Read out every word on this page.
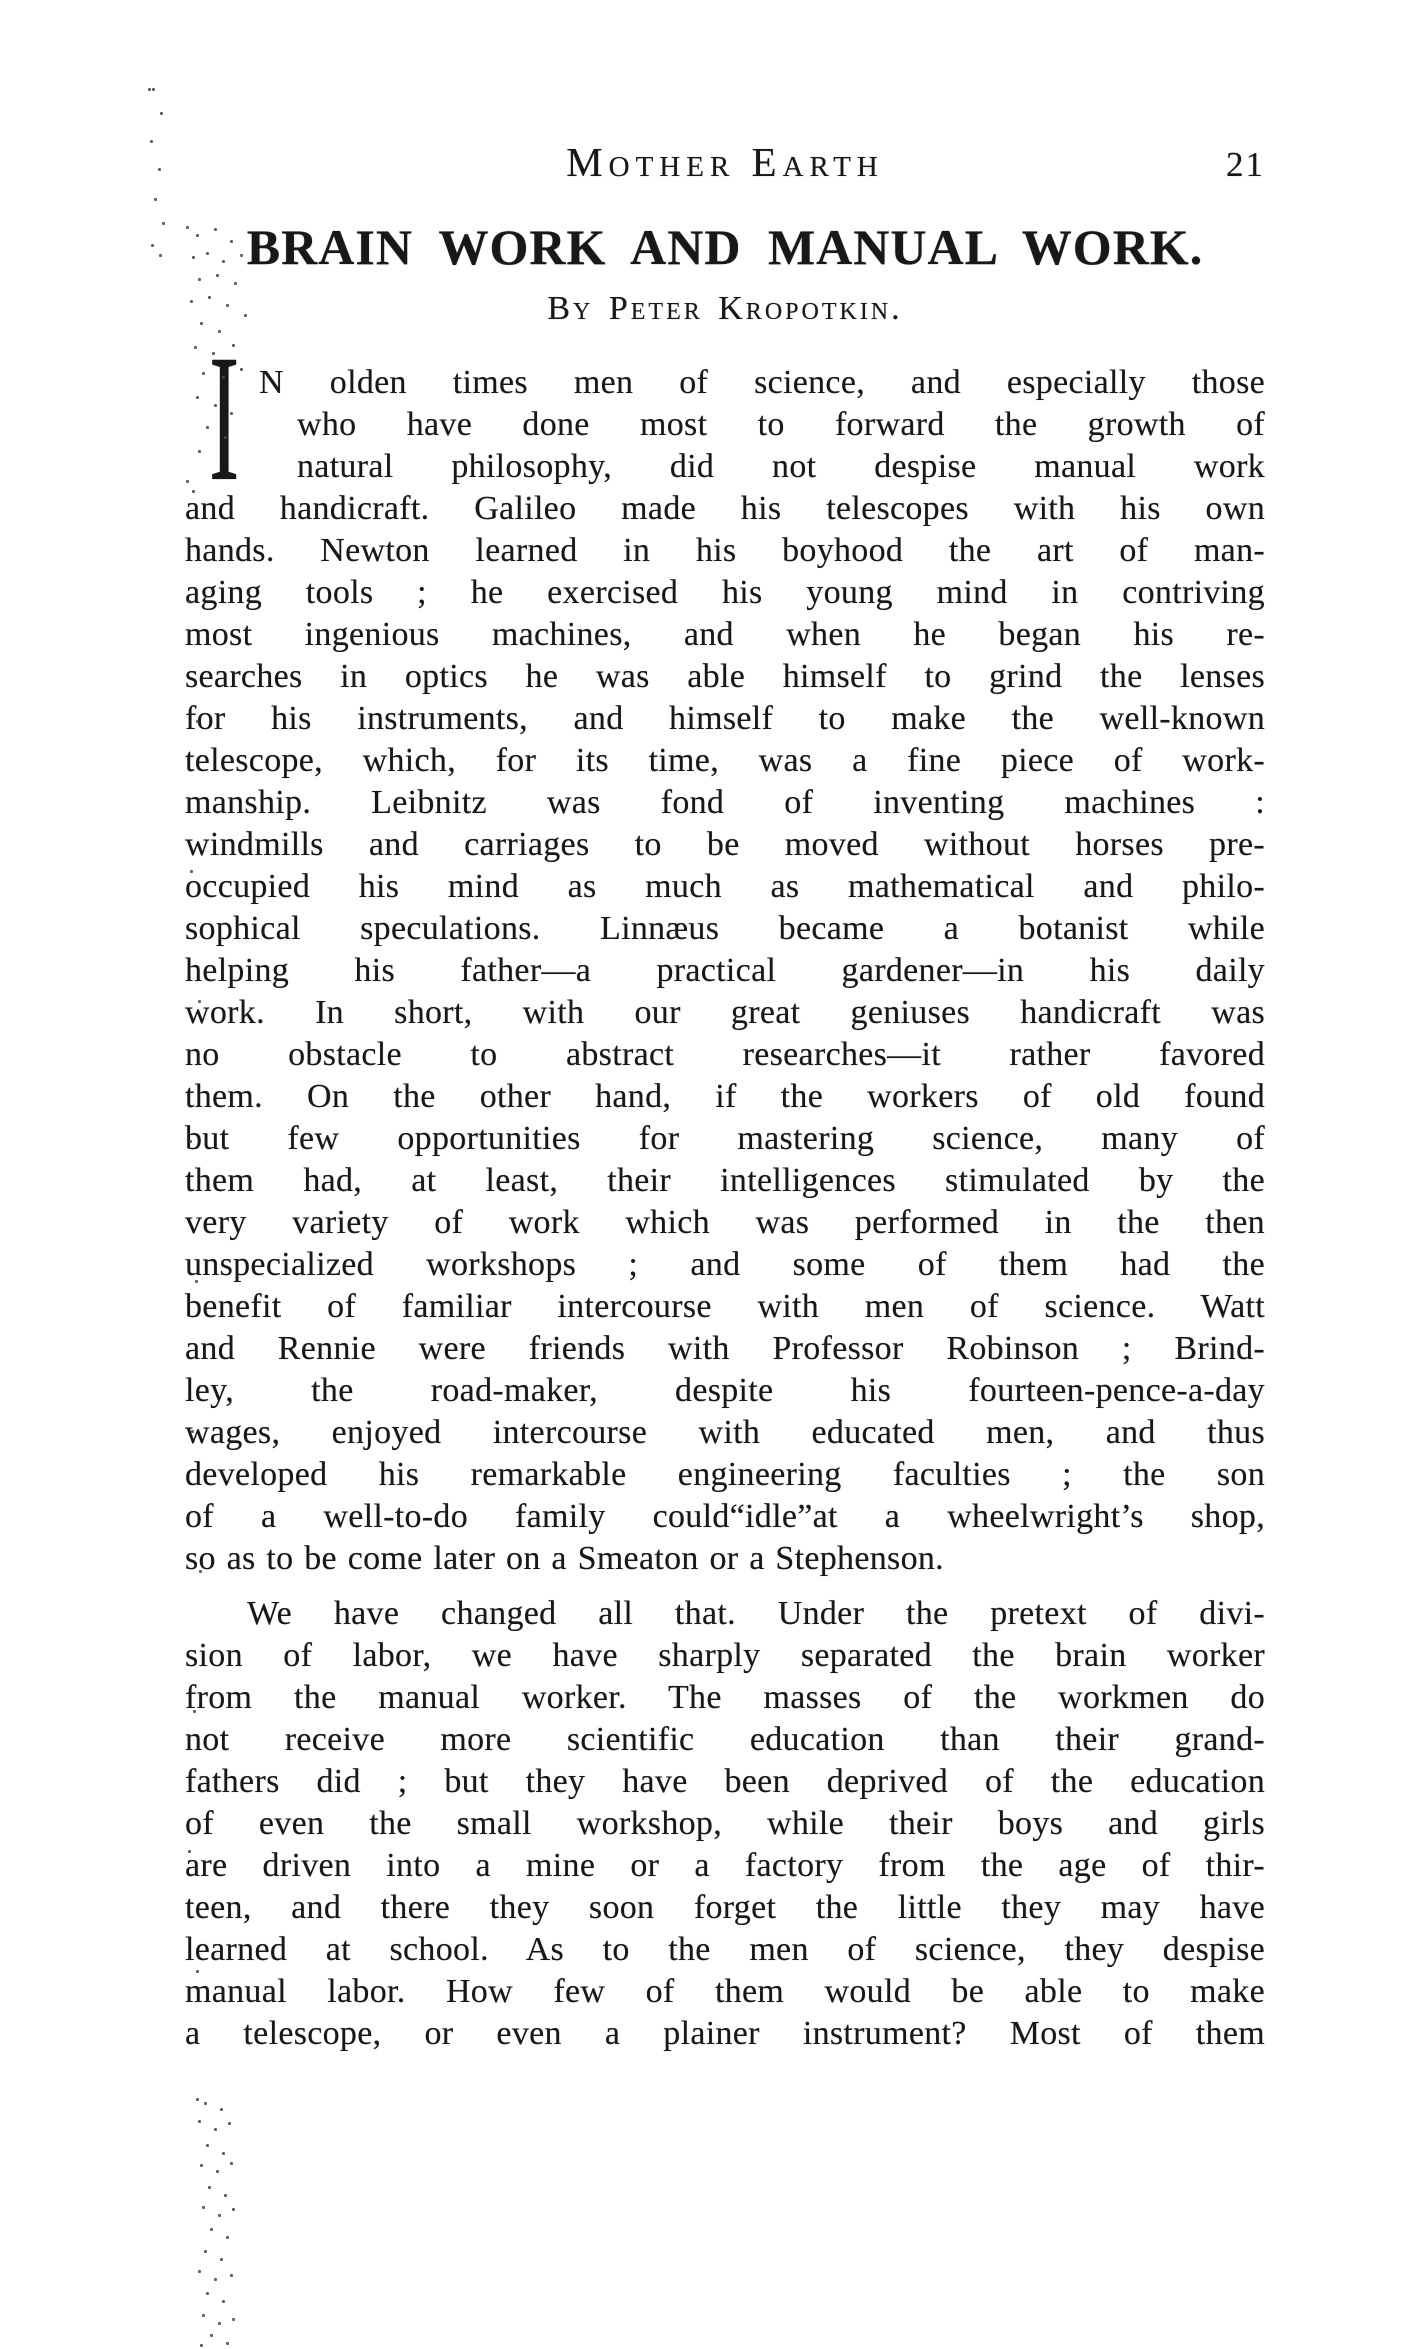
Mother Earth	21
BRAIN WORK AND MANUAL WORK.
By Peter Kropotkin.
I N olden times men of science, and especially those
who have done most to forward the growth of
natural philosophy, did not despise manual work
and handicraft. Galileo made his telescopes with his own
hands. Newton learned in his boyhood the art of man-
aging tools ; he exercised his young mind in contriving
most ingenious machines, and when he began his re-
searches in optics he was able himself to grind the lenses
for his instruments, and himself to make the well-known
telescope, which, for its time, was a fine piece of work-
manship. Leibnitz was fond of inventing machines :
windmills and carriages to be moved without horses pre-
occupied his mind as much as mathematical and philo-
sophical speculations. Linnæus became a botanist while
helping his father—a practical gardener—in his daily
work. In short, with our great geniuses handicraft was
no obstacle to abstract researches—it rather favored
them. On the other hand, if the workers of old found
but few opportunities for mastering science, many of
them had, at least, their intelligences stimulated by the
very variety of work which was performed in the then
unspecialized workshops ; and some of them had the
benefit of familiar intercourse with men of science. Watt
and Rennie were friends with Professor Robinson ; Brind-
ley, the road-maker, despite his fourteen-pence-a-day
wages, enjoyed intercourse with educated men, and thus
developed his remarkable engineering faculties ; the son
of a well-to-do family could“idle”at a wheelwright’s shop,
so as to be come later on a Smeaton or a Stephenson.
We have changed all that. Under the pretext of divi-
sion of labor, we have sharply separated the brain worker
from the manual worker. The masses of the workmen do
not receive more scientific education than their grand-
fathers did ; but they have been deprived of the education
of even the small workshop, while their boys and girls
are driven into a mine or a factory from the age of thir-
teen, and there they soon forget the little they may have
learned at school. As to the men of science, they despise
manual labor. How few of them would be able to make
a telescope, or even a plainer instrument? Most of them
